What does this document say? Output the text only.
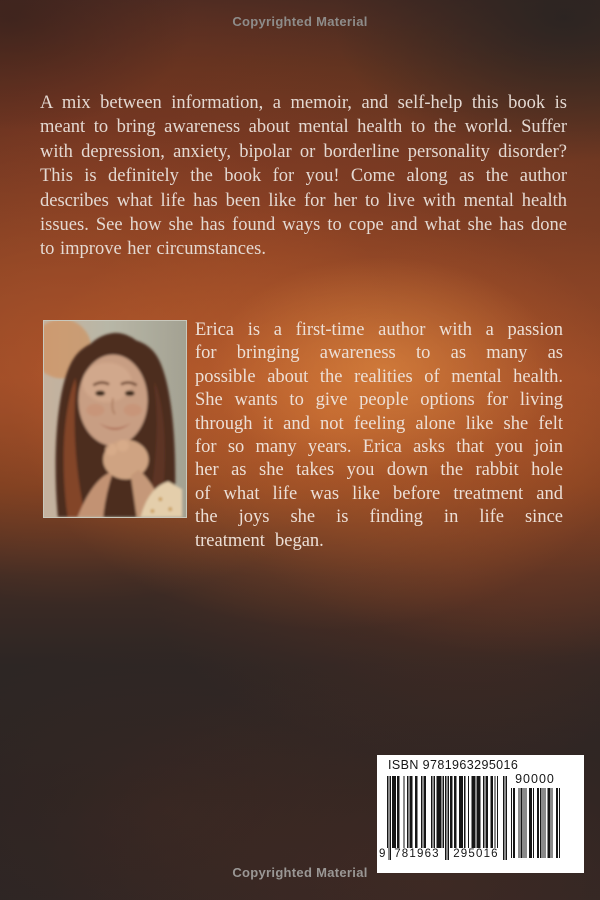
Copyrighted Material
A mix between information, a memoir, and self-help this book is meant to bring awareness about mental health to the world. Suffer with depression, anxiety, bipolar or borderline personality disorder? This is definitely the book for you! Come along as the author describes what life has been like for her to live with mental health issues. See how she has found ways to cope and what she has done to improve her circumstances.
Erica is a first-time author with a passion for bringing awareness to as many as possible about the realities of mental health. She wants to give people options for living through it and not feeling alone like she felt for so many years. Erica asks that you join her as she takes you down the rabbit hole of what life was like before treatment and the joys she is finding in life since treatment began.
ISBN 9781963295016
90000
9 781963 295016
Copyrighted Material
